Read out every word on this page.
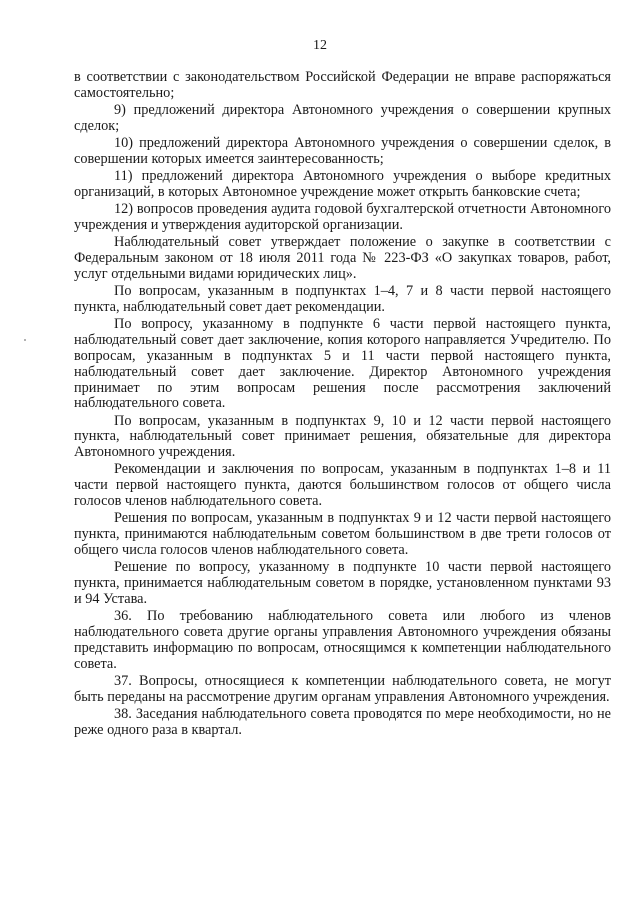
12

в соответствии с законодательством Российской Федерации не вправе распоряжаться самостоятельно;

9) предложений директора Автономного учреждения о совершении крупных сделок;

10) предложений директора Автономного учреждения о совершении сделок, в совершении которых имеется заинтересованность;

11) предложений директора Автономного учреждения о выборе кредитных организаций, в которых Автономное учреждение может открыть банковские счета;

12) вопросов проведения аудита годовой бухгалтерской отчетности Автономного учреждения и утверждения аудиторской организации.

Наблюдательный совет утверждает положение о закупке в соответствии с Федеральным законом от 18 июля 2011 года № 223-ФЗ «О закупках товаров, работ, услуг отдельными видами юридических лиц».

По вопросам, указанным в подпунктах 1–4, 7 и 8 части первой настоящего пункта, наблюдательный совет дает рекомендации.

По вопросу, указанному в подпункте 6 части первой настоящего пункта, наблюдательный совет дает заключение, копия которого направляется Учредителю. По вопросам, указанным в подпунктах 5 и 11 части первой настоящего пункта, наблюдательный совет дает заключение. Директор Автономного учреждения принимает по этим вопросам решения после рассмотрения заключений наблюдательного совета.

По вопросам, указанным в подпунктах 9, 10 и 12 части первой настоящего пункта, наблюдательный совет принимает решения, обязательные для директора Автономного учреждения.

Рекомендации и заключения по вопросам, указанным в подпунктах 1–8 и 11 части первой настоящего пункта, даются большинством голосов от общего числа голосов членов наблюдательного совета.

Решения по вопросам, указанным в подпунктах 9 и 12 части первой настоящего пункта, принимаются наблюдательным советом большинством в две трети голосов от общего числа голосов членов наблюдательного совета.

Решение по вопросу, указанному в подпункте 10 части первой настоящего пункта, принимается наблюдательным советом в порядке, установленном пунктами 93 и 94 Устава.

36. По требованию наблюдательного совета или любого из членов наблюдательного совета другие органы управления Автономного учреждения обязаны представить информацию по вопросам, относящимся к компетенции наблюдательного совета.

37. Вопросы, относящиеся к компетенции наблюдательного совета, не могут быть переданы на рассмотрение другим органам управления Автономного учреждения.

38. Заседания наблюдательного совета проводятся по мере необходимости, но не реже одного раза в квартал.
